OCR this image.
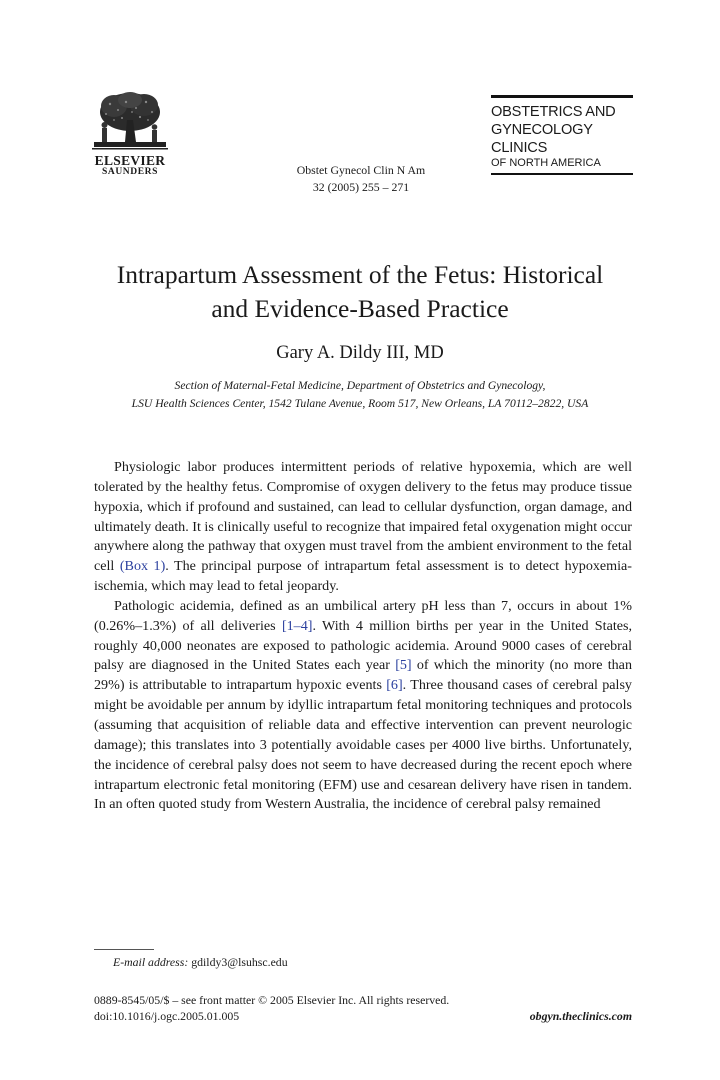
ELSEVIER
SAUNDERS	Obstet Gynecol Clin N Am
32 (2005) 255 – 271
OBSTETRICS AND
GYNECOLOGY
CLINICS
OF NORTH AMERICA
Intrapartum Assessment of the Fetus: Historical
and Evidence-Based Practice
Gary A. Dildy III, MD
Section of Maternal-Fetal Medicine, Department of Obstetrics and Gynecology,
LSU Health Sciences Center, 1542 Tulane Avenue, Room 517, New Orleans, LA 70112–2822, USA

Physiologic labor produces intermittent periods of relative hypoxemia, which are well tolerated by the healthy fetus. Compromise of oxygen delivery to the fetus may produce tissue hypoxia, which if profound and sustained, can lead to cellular dysfunction, organ damage, and ultimately death. It is clinically useful to recognize that impaired fetal oxygenation might occur anywhere along the pathway that oxygen must travel from the ambient environment to the fetal cell (Box 1). The principal purpose of intrapartum fetal assessment is to detect hypoxemia-ischemia, which may lead to fetal jeopardy.

Pathologic acidemia, defined as an umbilical artery pH less than 7, occurs in about 1% (0.26%–1.3%) of all deliveries [1–4]. With 4 million births per year in the United States, roughly 40,000 neonates are exposed to pathologic acidemia. Around 9000 cases of cerebral palsy are diagnosed in the United States each year [5] of which the minority (no more than 29%) is attributable to intrapartum hypoxic events [6]. Three thousand cases of cerebral palsy might be avoidable per annum by idyllic intrapartum fetal monitoring techniques and protocols (assuming that acquisition of reliable data and effective intervention can prevent neurologic damage); this translates into 3 potentially avoidable cases per 4000 live births. Unfortunately, the incidence of cerebral palsy does not seem to have decreased during the recent epoch where intrapartum electronic fetal monitoring (EFM) use and cesarean delivery have risen in tandem. In an often quoted study from Western Australia, the incidence of cerebral palsy remained

E-mail address: gdildy3@lsuhsc.edu
0889-8545/05/$ – see front matter © 2005 Elsevier Inc. All rights reserved.
doi:10.1016/j.ogc.2005.01.005	obgyn.theclinics.com
